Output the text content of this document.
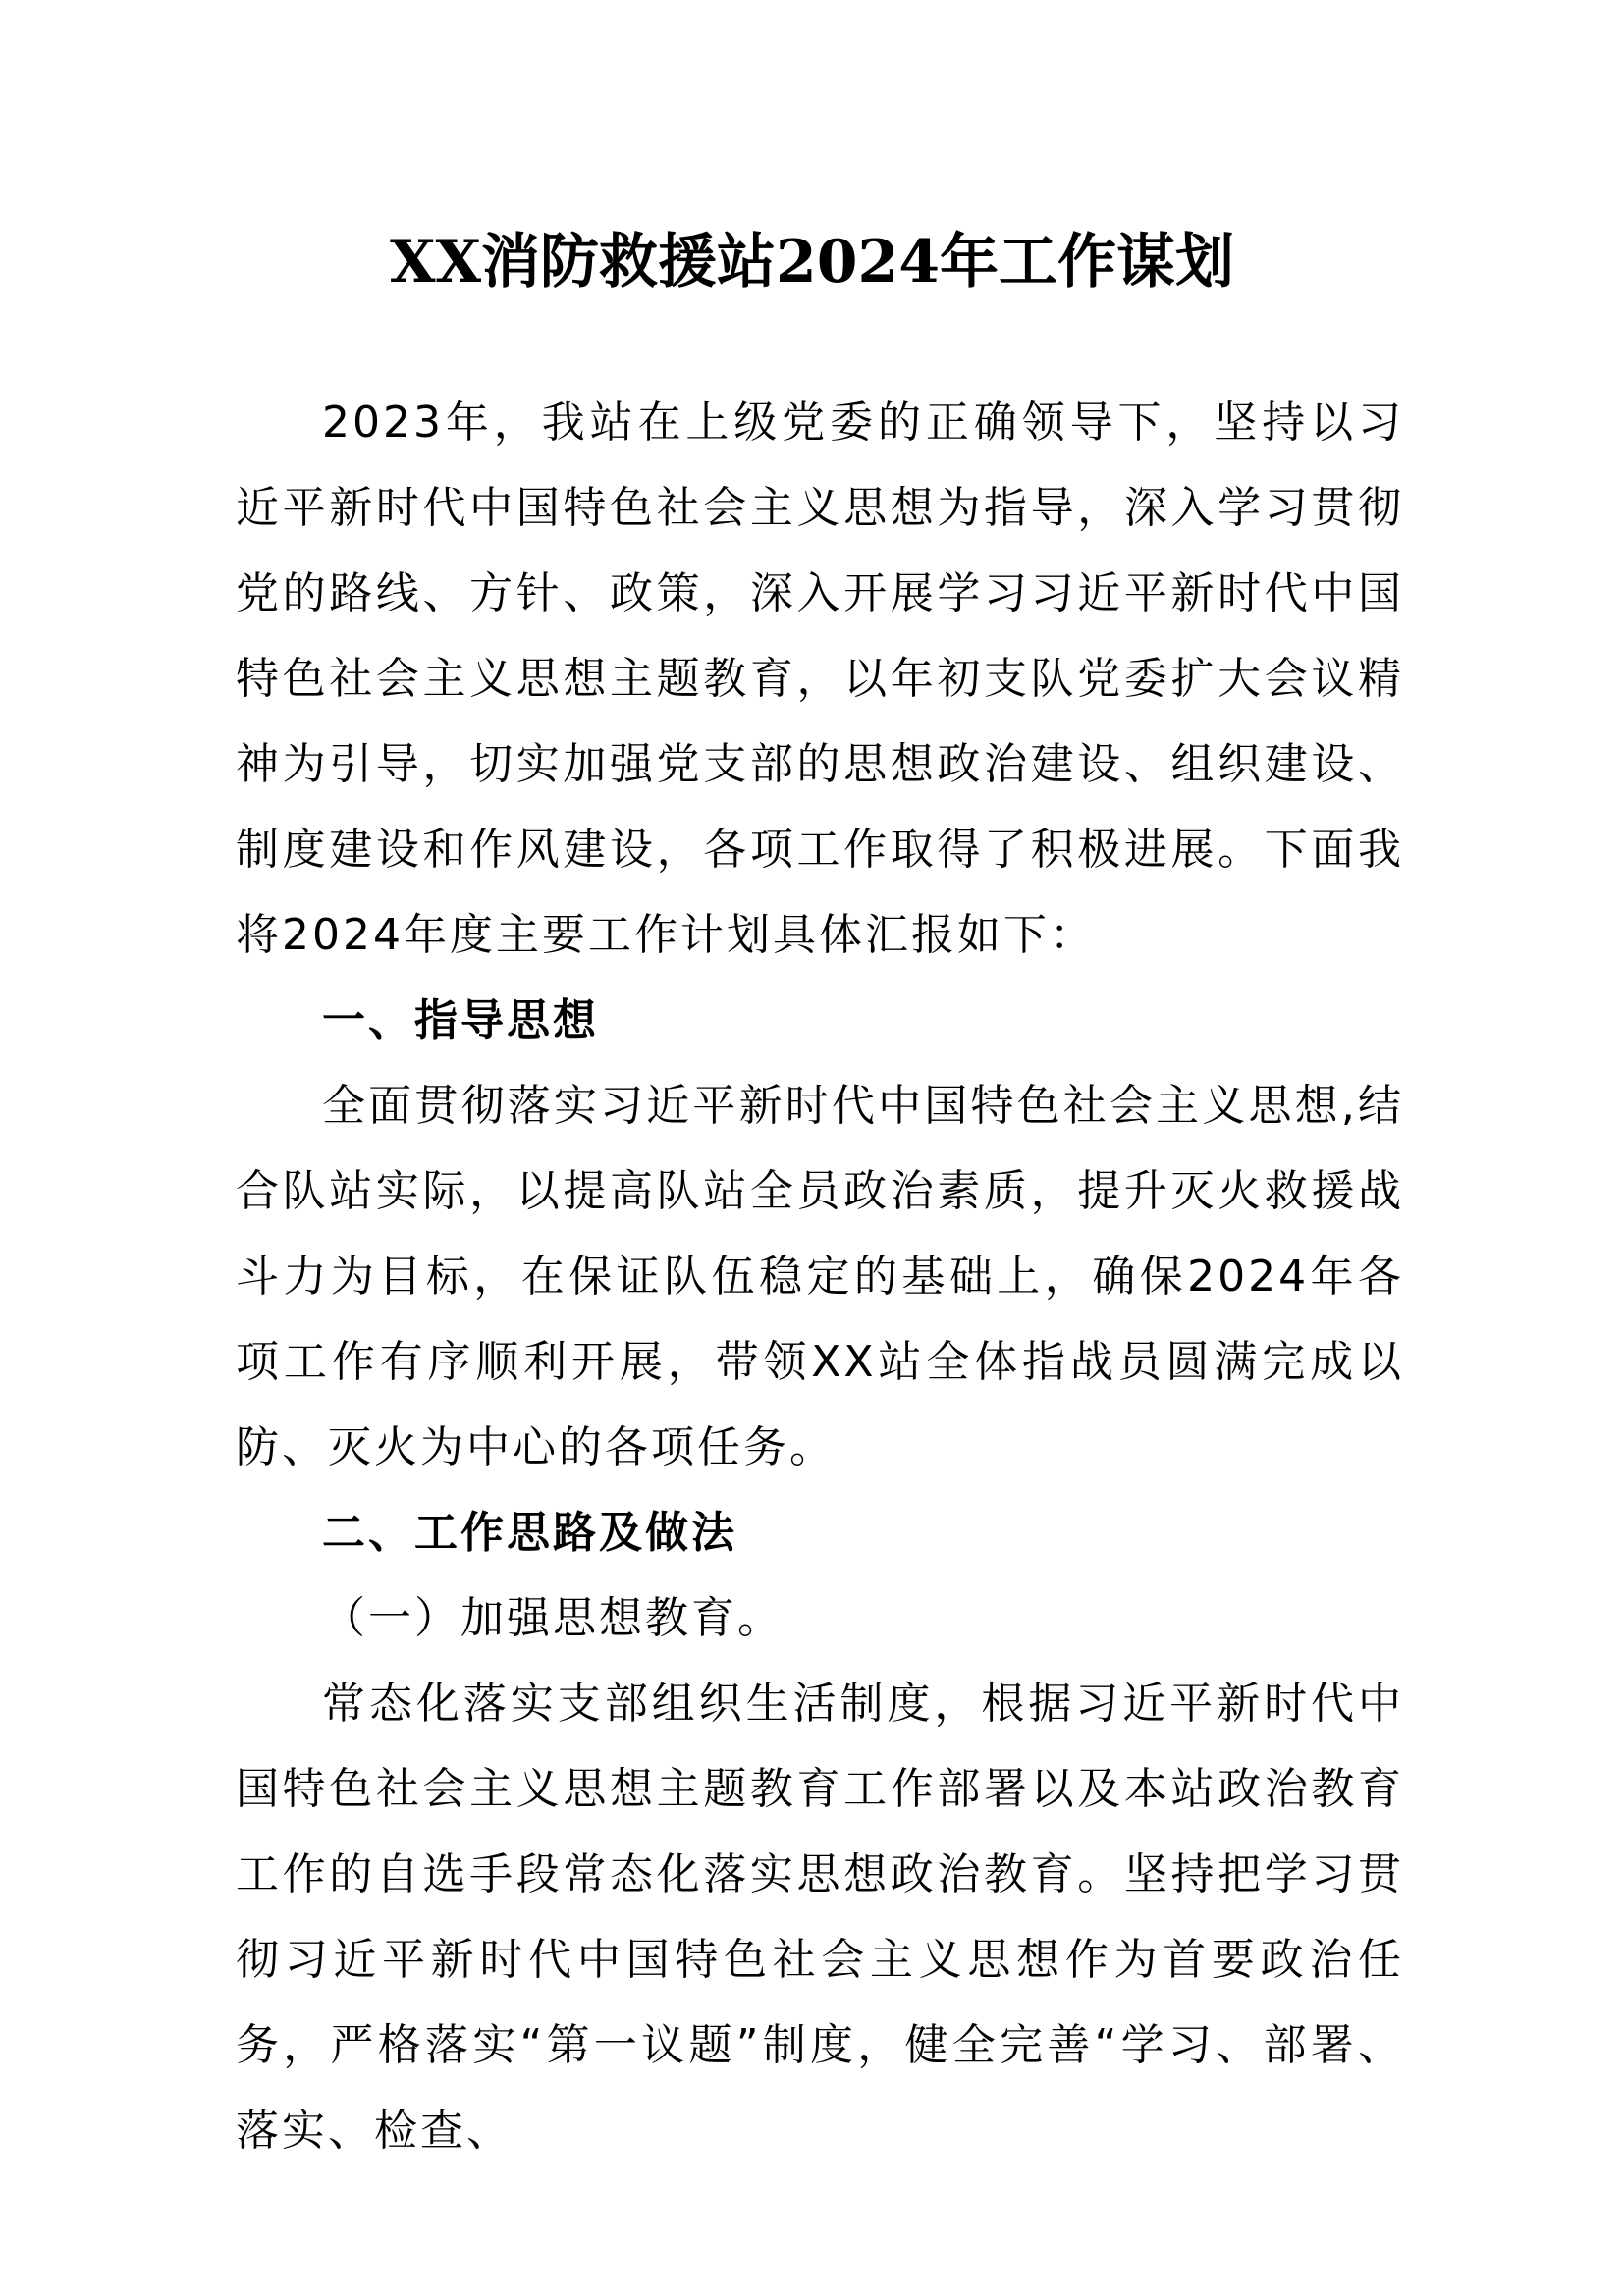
XX消防救援站2024年工作谋划

2023年，我站在上级党委的正确领导下，坚持以习近平新时代中国特色社会主义思想为指导，深入学习贯彻党的路线、方针、政策，深入开展学习习近平新时代中国特色社会主义思想主题教育，以年初支队党委扩大会议精神为引导，切实加强党支部的思想政治建设、组织建设、制度建设和作风建设，各项工作取得了积极进展。下面我将2024年度主要工作计划具体汇报如下：

一、指导思想

全面贯彻落实习近平新时代中国特色社会主义思想,结合队站实际，以提高队站全员政治素质，提升灭火救援战斗力为目标，在保证队伍稳定的基础上，确保2024年各项工作有序顺利开展，带领XX站全体指战员圆满完成以防、灭火为中心的各项任务。

二、工作思路及做法

（一）加强思想教育。

常态化落实支部组织生活制度，根据习近平新时代中国特色社会主义思想主题教育工作部署以及本站政治教育工作的自选手段常态化落实思想政治教育。坚持把学习贯彻习近平新时代中国特色社会主义思想作为首要政治任务，严格落实“第一议题”制度，健全完善“学习、部署、落实、检查、
